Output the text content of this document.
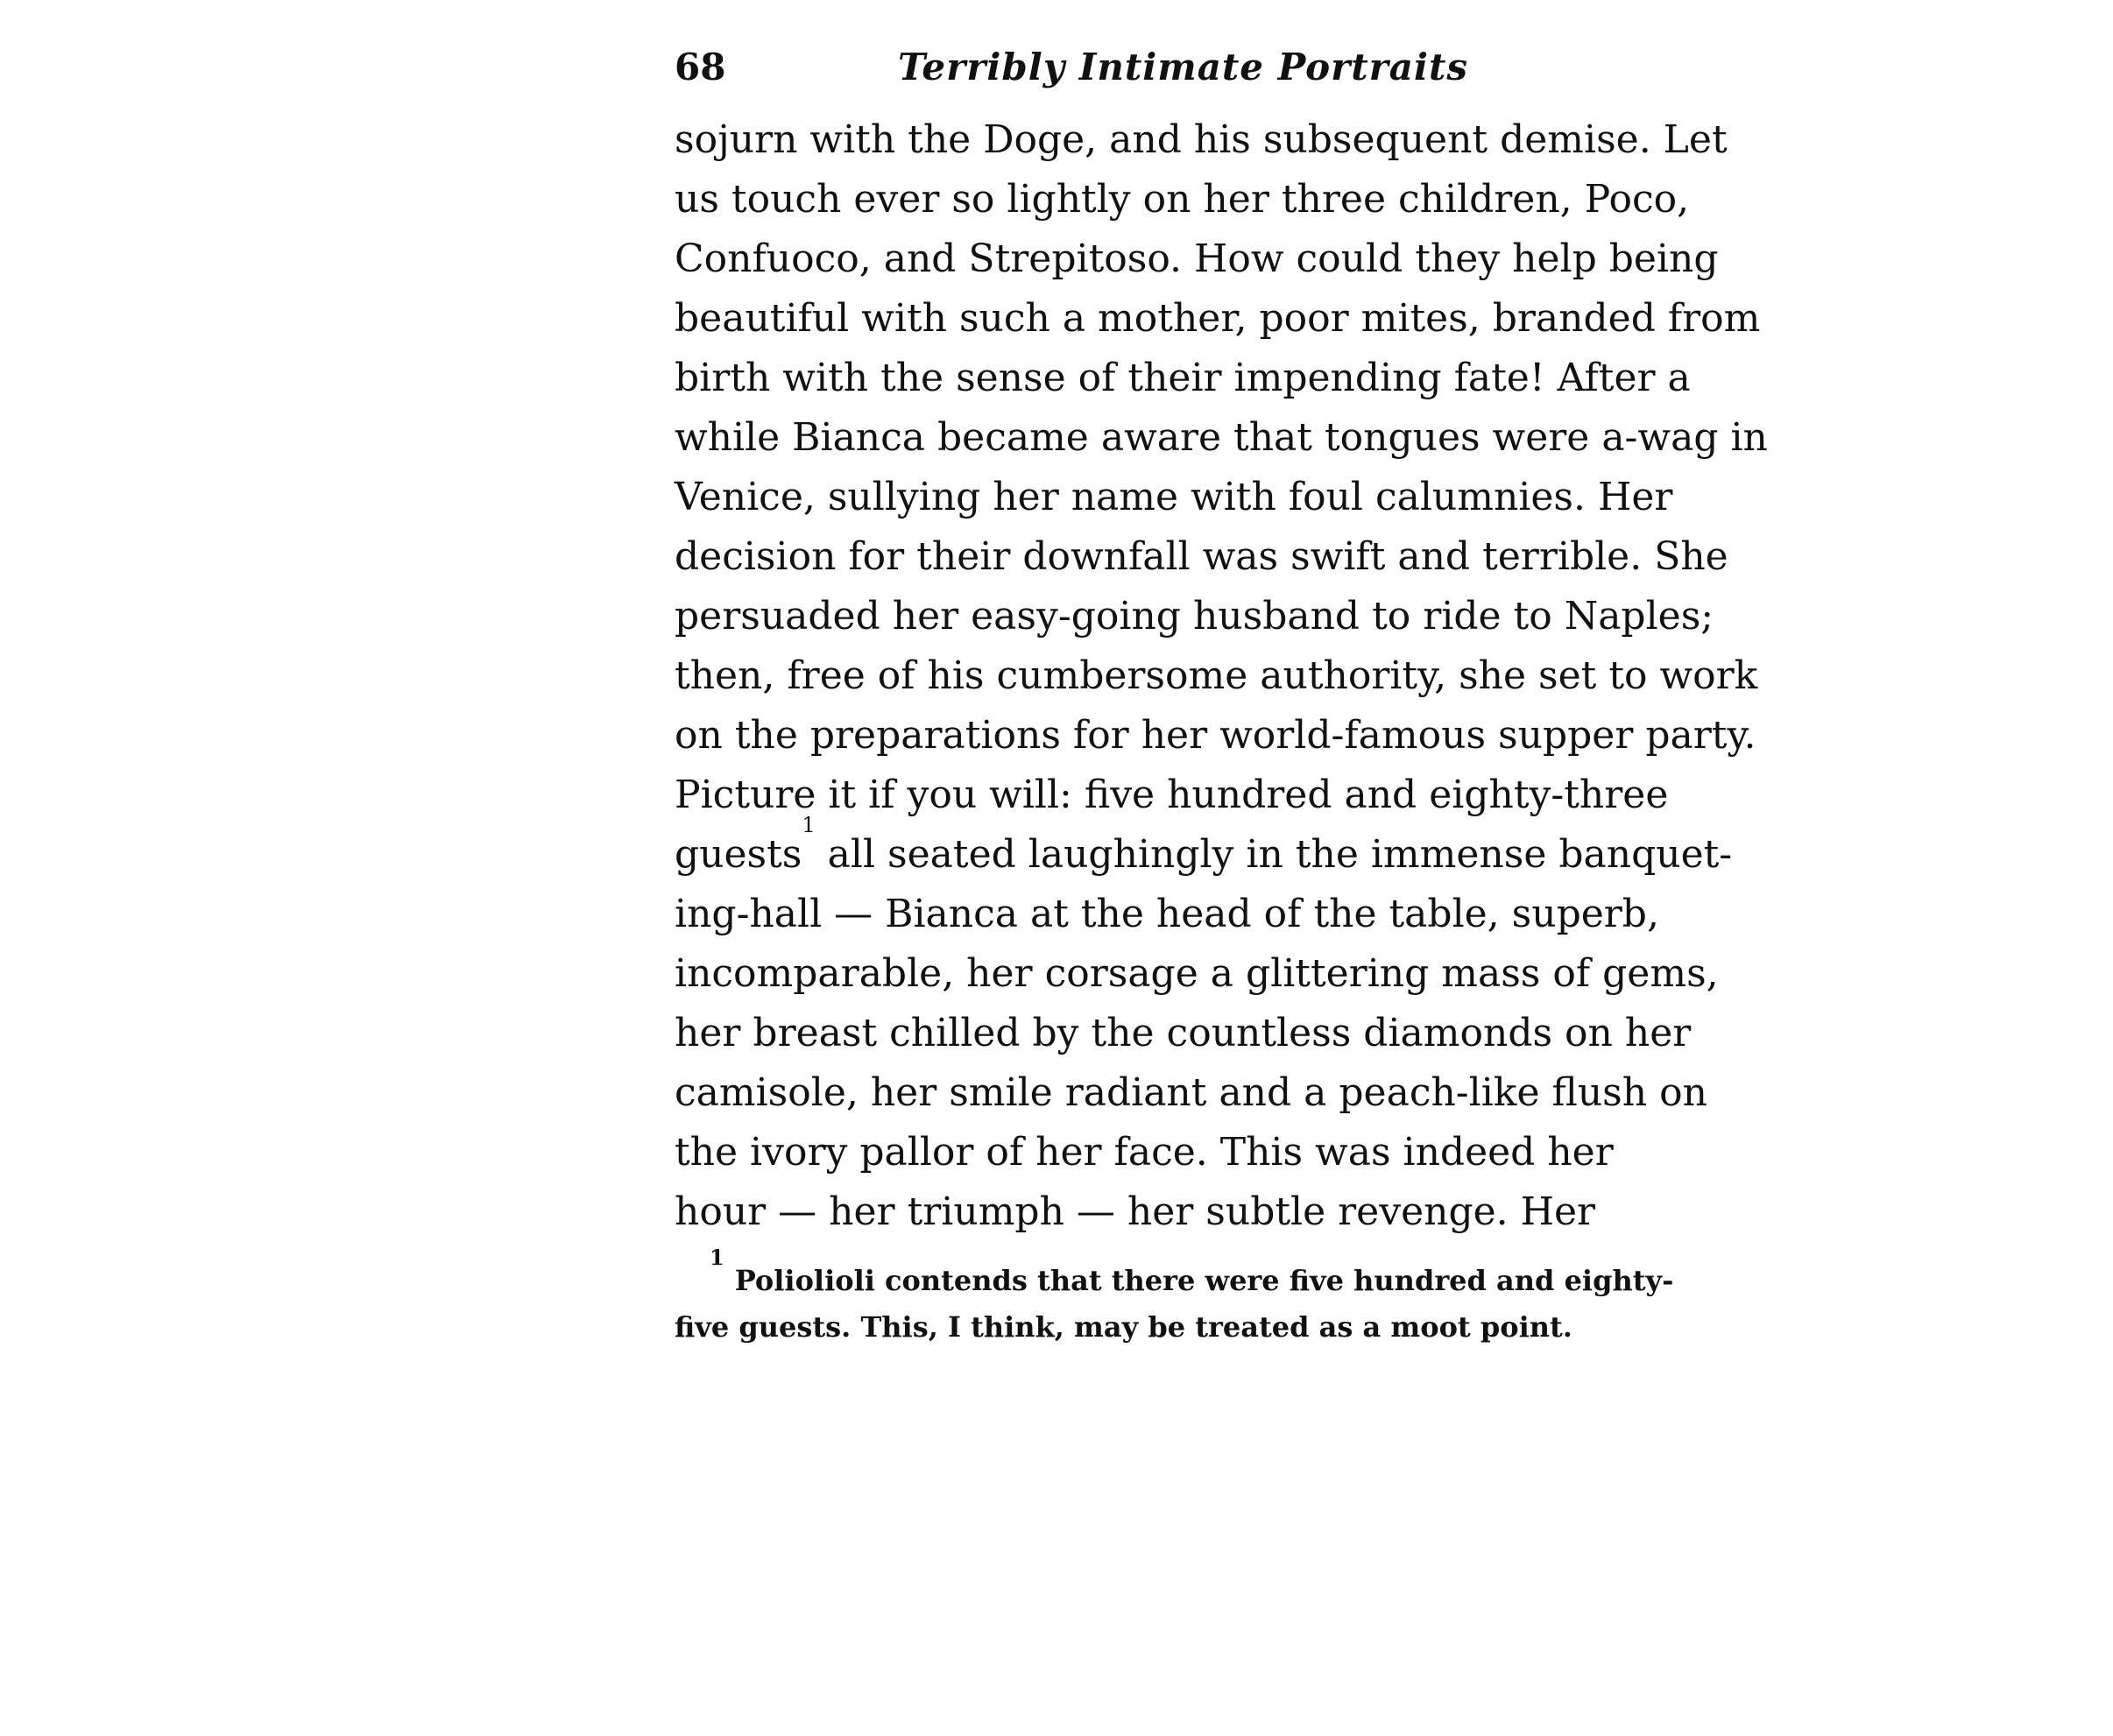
68	Terribly Intimate Portraits
sojurn with the Doge, and his subsequent demise. Let
us touch ever so lightly on her three children, Poco,
Confuoco, and Strepitoso. How could they help being
beautiful with such a mother, poor mites, branded from
birth with the sense of their impending fate! After a
while Bianca became aware that tongues were a-wag in
Venice, sullying her name with foul calumnies. Her
decision for their downfall was swift and terrible. She
persuaded her easy-going husband to ride to Naples;
then, free of his cumbersome authority, she set to work
on the preparations for her world-famous supper party.
Picture it if you will: five hundred and eighty-three
guests
1
all seated laughingly in the immense banquet-
ing-hall — Bianca at the head of the table, superb,
incomparable, her corsage a glittering mass of gems,
her breast chilled by the countless diamonds on her
camisole, her smile radiant and a peach-like flush on
the ivory pallor of her face. This was indeed her
hour — her triumph — her subtle revenge. Her
1
Poliolioli contends that there were five hundred and eighty-
five guests. This, I think, may be treated as a moot point.
